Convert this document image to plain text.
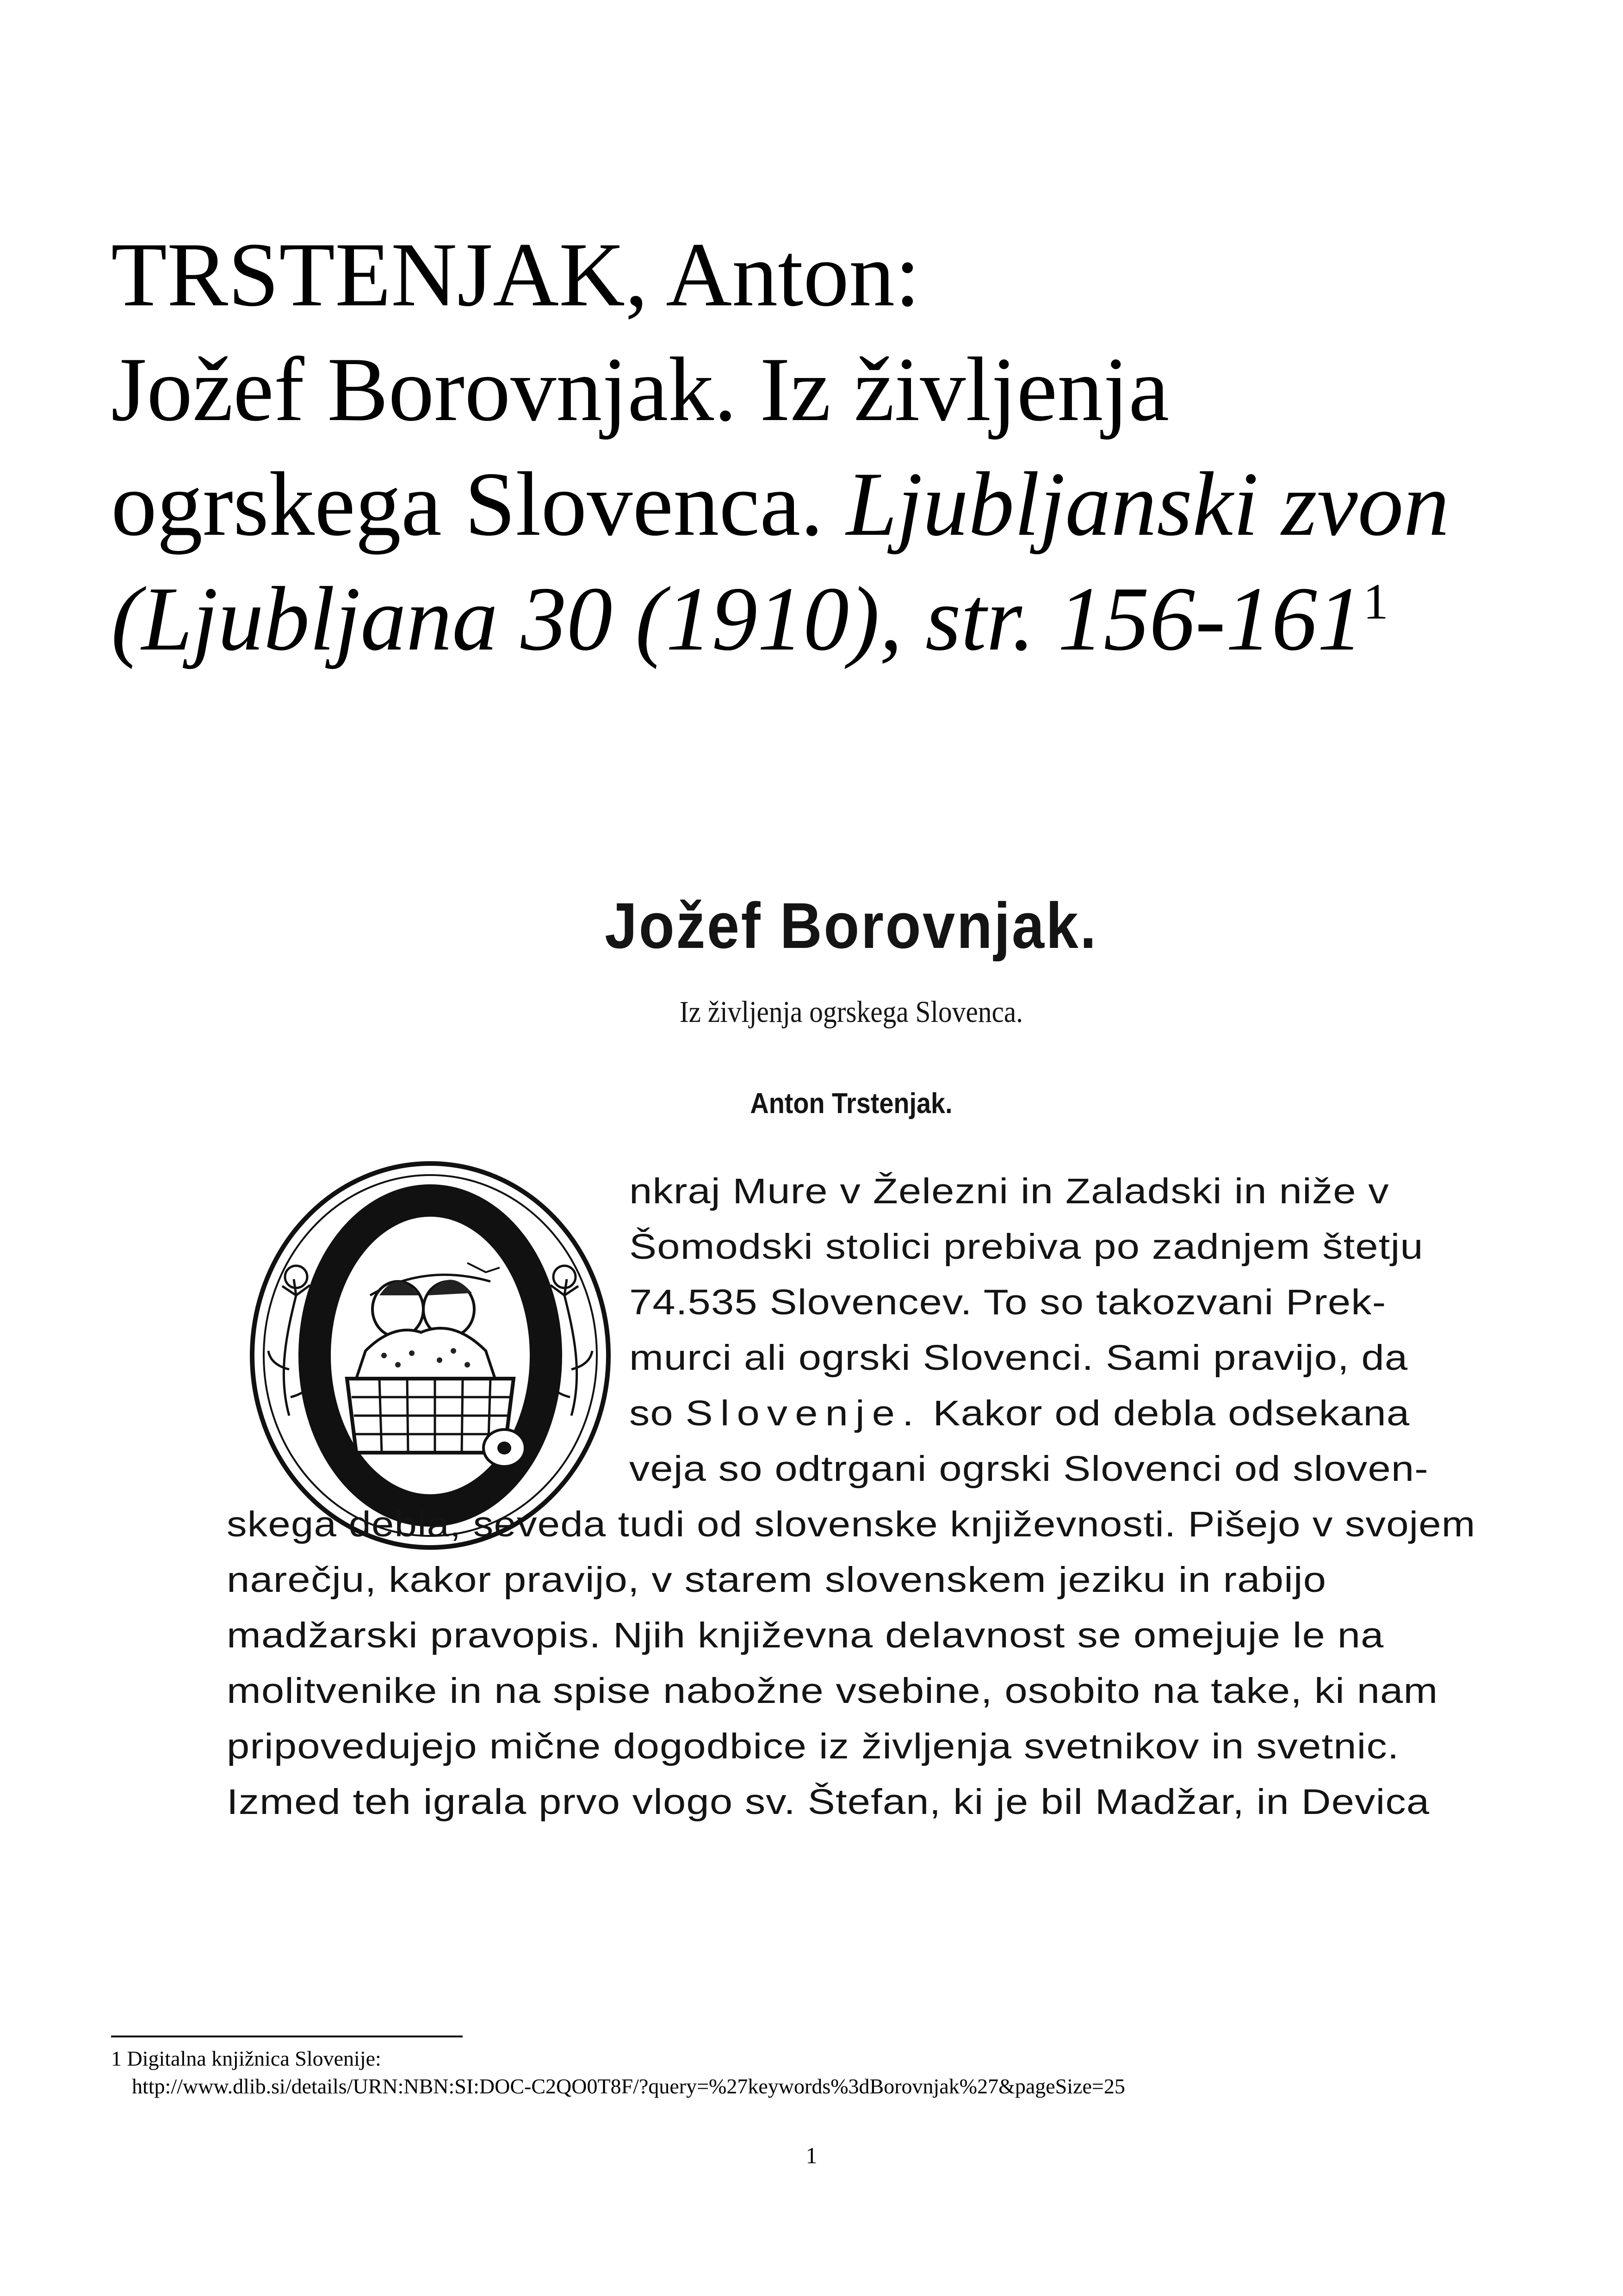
TRSTENJAK, Anton:
Jožef Borovnjak. Iz življenja
ogrskega Slovenca. Ljubljanski zvon
(Ljubljana 30 (1910), str. $156-161^1$
Jožef Borovnjak.
Iz življenja ogrskega Slovenca.
Anton Trstenjak.
nkraj Mure v Železni in Zaladski in niže v
Šomodski stolici prebiva po zadnjem štetju
74.535 Slovencev. To so takozvani Prek-
murci ali ogrski Slovenci. Sami pravijo, da
so Slovenje. Kakor od debla odsekana
veja so odtrgani ogrski Slovenci od sloven-
skega debla, seveda tudi od slovenske književnosti. Pišejo v svojem
narečju, kakor pravijo, v starem slovenskem jeziku in rabijo
madžarski pravopis. Njih književna delavnost se omejuje le na
molitvenike in na spise nabožne vsebine, osobito na take, ki nam
pripovedujejo mične dogodbice iz življenja svetnikov in svetnic.
Izmed teh igrala prvo vlogo sv. Štefan, ki je bil Madžar, in Devica
1 Digitalna knjižnica Slovenije:
http://www.dlib.si/details/URN:NBN:SI:DOC-C2QO0T8F/?query=%27keywords%3dBorovnjak%27&pageSize=25
1
